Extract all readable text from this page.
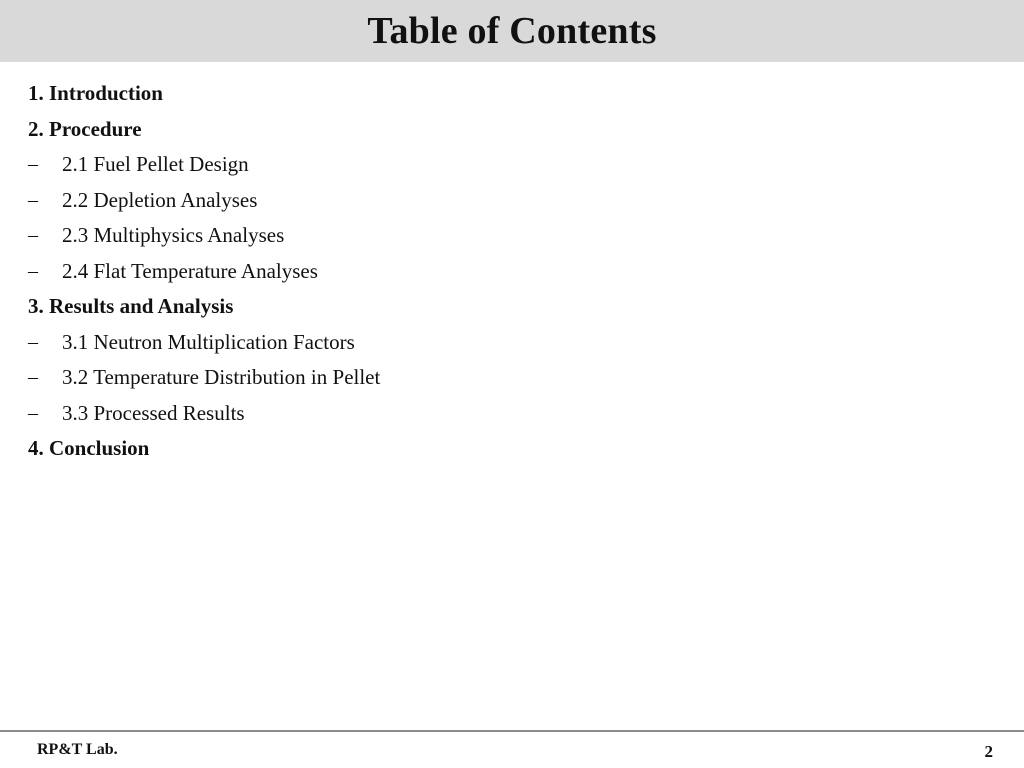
Table of Contents
1. Introduction
2. Procedure
–	2.1 Fuel Pellet Design
–	2.2 Depletion Analyses
–	2.3 Multiphysics Analyses
–	2.4 Flat Temperature Analyses
3. Results and Analysis
–	3.1 Neutron Multiplication Factors
–	3.2 Temperature Distribution in Pellet
–	3.3 Processed Results
4. Conclusion
RP&T Lab.	2
